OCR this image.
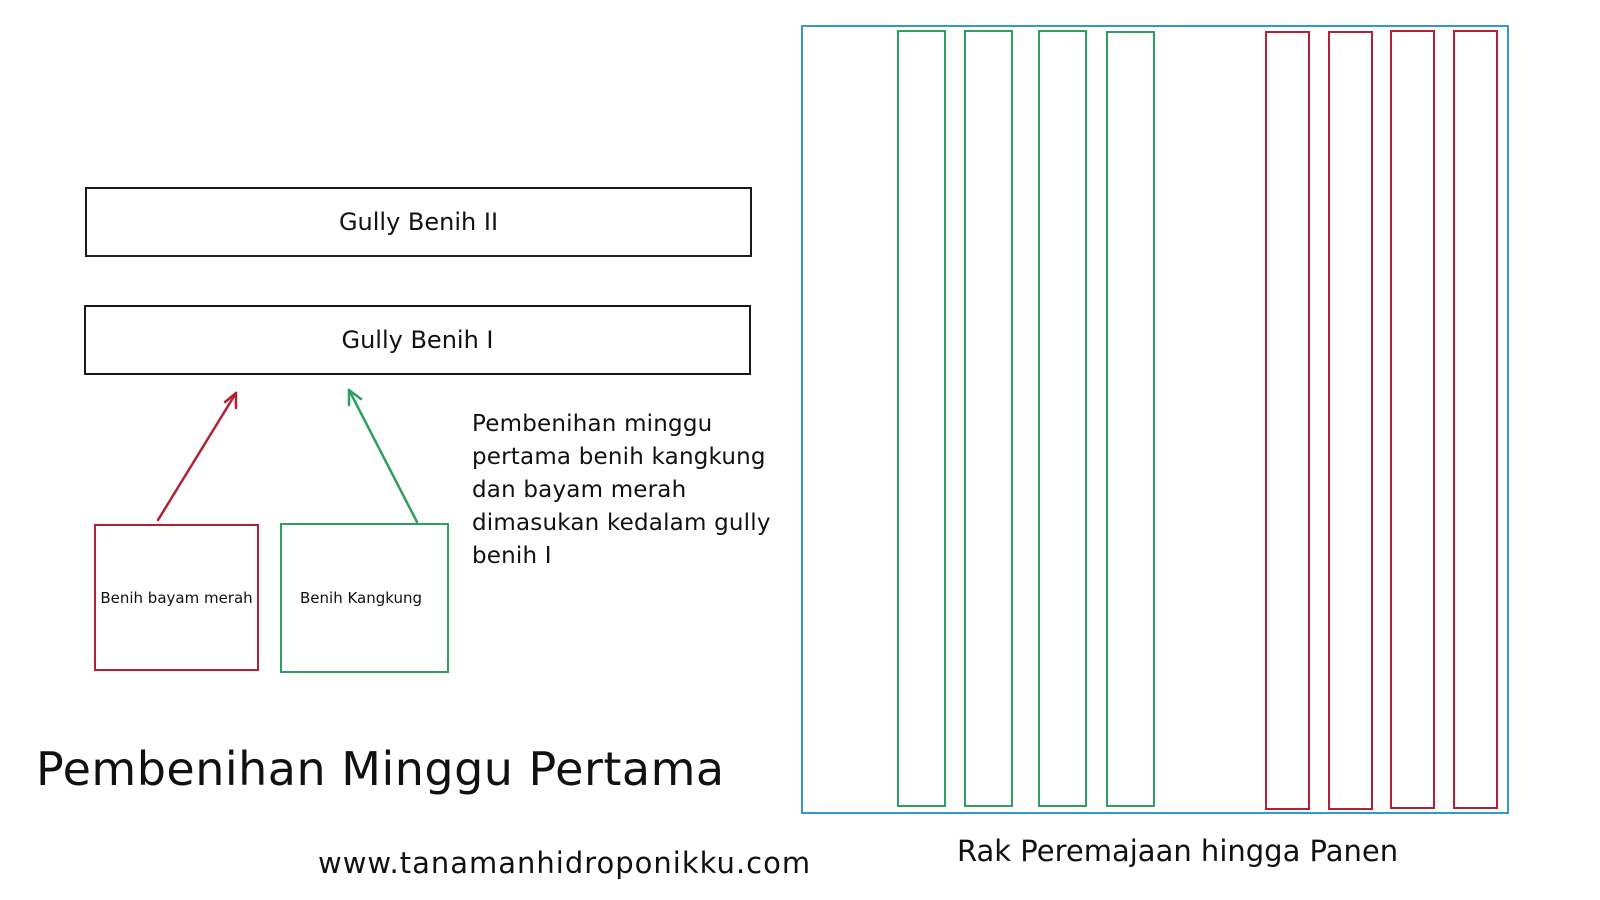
Gully Benih II
Gully Benih I
Benih bayam merah	Benih Kangkung
Pembenihan minggu pertama benih kangkung dan bayam merah dimasukan kedalam gully benih I
Pembenihan Minggu Pertama
www.tanamanhidroponikku.com	Rak Peremajaan hingga Panen
